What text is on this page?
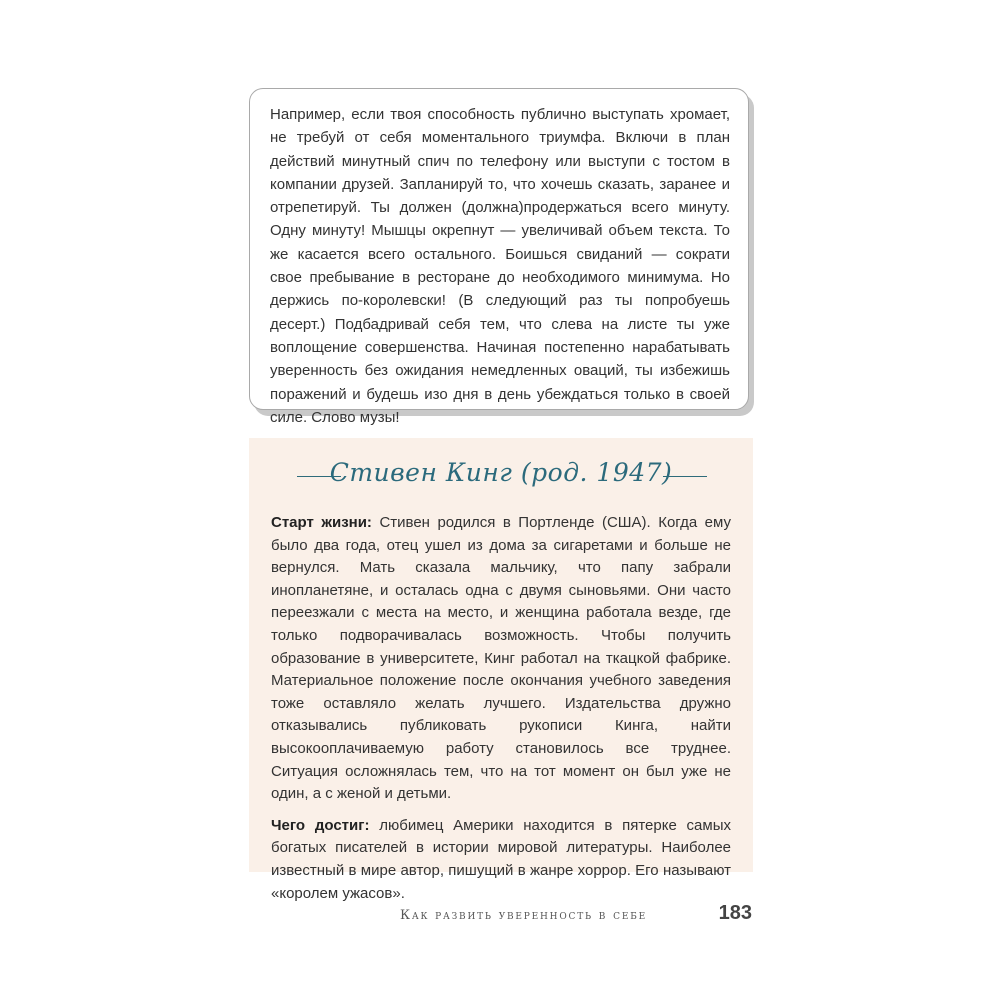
Например, если твоя способность публично выступать хромает, не требуй от себя моментального триумфа. Включи в план действий минутный спич по телефону или выступи с тостом в компании друзей. Запланируй то, что хочешь сказать, заранее и отрепетируй. Ты должен (должна)продержаться всего минуту. Одну минуту! Мышцы окрепнут — увеличивай объем текста. То же касается всего остального. Боишься свиданий — сократи свое пребывание в ресторане до необходимого минимума. Но держись по-королевски! (В следующий раз ты попробуешь десерт.) Подбадривай себя тем, что слева на листе ты уже воплощение совершенства. Начиная постепенно нарабатывать уверенность без ожидания немедленных оваций, ты избежишь поражений и будешь изо дня в день убеждаться только в своей силе. Слово музы!

Стивен Кинг (род. 1947)

Старт жизни: Стивен родился в Портленде (США). Когда ему было два года, отец ушел из дома за сигаретами и больше не вернулся. Мать сказала мальчику, что папу забрали инопланетяне, и осталась одна с двумя сыновьями. Они часто переезжали с места на место, и женщина работала везде, где только подворачивалась возможность. Чтобы получить образование в университете, Кинг работал на ткацкой фабрике. Материальное положение после окончания учебного заведения тоже оставляло желать лучшего. Издательства дружно отказывались публиковать рукописи Кинга, найти высокооплачиваемую работу становилось все труднее. Ситуация осложнялась тем, что на тот момент он был уже не один, а с женой и детьми.

Чего достиг: любимец Америки находится в пятерке самых богатых писателей в истории мировой литературы. Наиболее известный в мире автор, пишущий в жанре хоррор. Его называют «королем ужасов».

Как развить уверенность в себе	183
